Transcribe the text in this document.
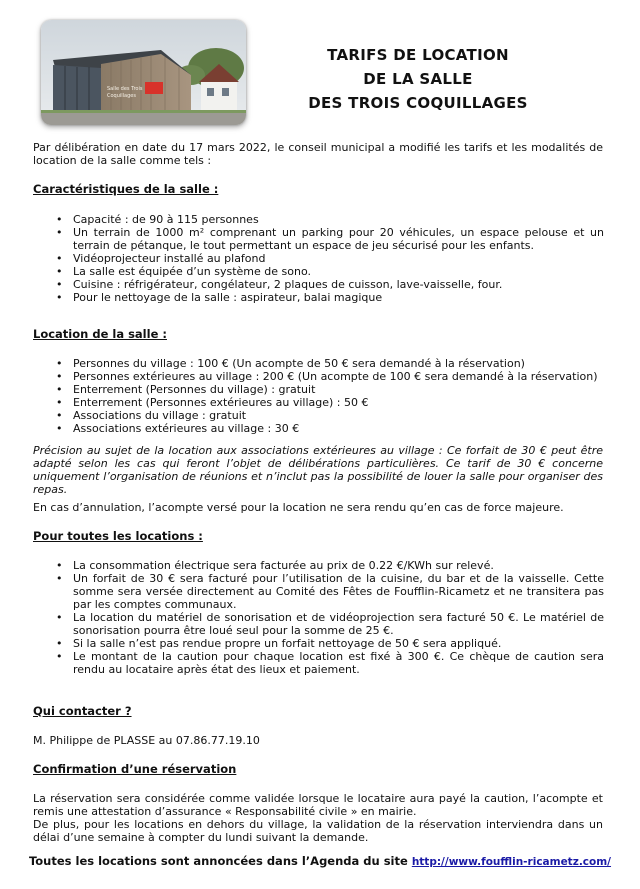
Salle des Trois
Coquillages
TARIFS DE LOCATION
DE LA SALLE
DES TROIS COQUILLAGES
Par délibération en date du 17 mars 2022, le conseil municipal a modifié les tarifs et les modalités de location de la salle comme tels :
Caractéristiques de la salle :
• Capacité : de 90 à 115 personnes
• Un terrain de 1000 m² comprenant un parking pour 20 véhicules, un espace pelouse et un terrain de pétanque, le tout permettant un espace de jeu sécurisé pour les enfants.
• Vidéoprojecteur installé au plafond
• La salle est équipée d’un système de sono.
• Cuisine : réfrigérateur, congélateur, 2 plaques de cuisson, lave-vaisselle, four.
• Pour le nettoyage de la salle : aspirateur, balai magique
Location de la salle :
• Personnes du village : 100 € (Un acompte de 50 € sera demandé à la réservation)
• Personnes extérieures au village : 200 € (Un acompte de 100 € sera demandé à la réservation)
• Enterrement (Personnes du village) : gratuit
• Enterrement (Personnes extérieures au village) : 50 €
• Associations du village : gratuit
• Associations extérieures au village : 30 €
Précision au sujet de la location aux associations extérieures au village : Ce forfait de 30 € peut être adapté selon les cas qui feront l’objet de délibérations particulières. Ce tarif de 30 € concerne uniquement l’organisation de réunions et n’inclut pas la possibilité de louer la salle pour organiser des repas.
En cas d’annulation, l’acompte versé pour la location ne sera rendu qu’en cas de force majeure.
Pour toutes les locations :
• La consommation électrique sera facturée au prix de 0.22 €/KWh sur relevé.
• Un forfait de 30 € sera facturé pour l’utilisation de la cuisine, du bar et de la vaisselle. Cette somme sera versée directement au Comité des Fêtes de Foufflin-Ricametz et ne transitera pas par les comptes communaux.
• La location du matériel de sonorisation et de vidéoprojection sera facturé 50 €. Le matériel de sonorisation pourra être loué seul pour la somme de 25 €.
• Si la salle n’est pas rendue propre un forfait nettoyage de 50 € sera appliqué.
• Le montant de la caution pour chaque location est fixé à 300 €. Ce chèque de caution sera rendu au locataire après état des lieux et paiement.
Qui contacter ?
M. Philippe de PLASSE au 07.86.77.19.10
Confirmation d’une réservation
La réservation sera considérée comme validée lorsque le locataire aura payé la caution, l’acompte et remis une attestation d’assurance « Responsabilité civile » en mairie.
De plus, pour les locations en dehors du village, la validation de la réservation interviendra dans un délai d’une semaine à compter du lundi suivant la demande.
Toutes les locations sont annoncées dans l’Agenda du site http://www.foufflin-ricametz.com/
